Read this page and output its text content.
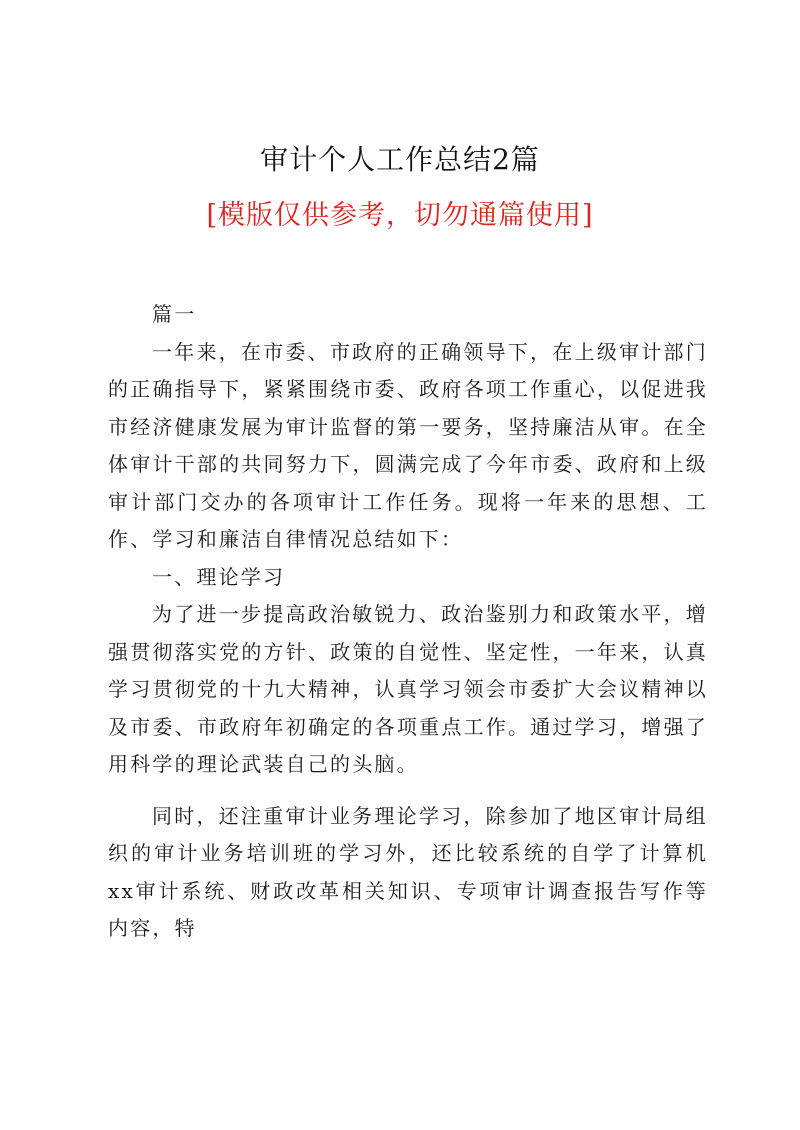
审计个人工作总结2篇
[模版仅供参考，切勿通篇使用]

篇一

一年来，在市委、市政府的正确领导下，在上级审计部门的正确指导下，紧紧围绕市委、政府各项工作重心，以促进我市经济健康发展为审计监督的第一要务，坚持廉洁从审。在全体审计干部的共同努力下，圆满完成了今年市委、政府和上级审计部门交办的各项审计工作任务。现将一年来的思想、工作、学习和廉洁自律情况总结如下：

一、理论学习

为了进一步提高政治敏锐力、政治鉴别力和政策水平，增强贯彻落实党的方针、政策的自觉性、坚定性，一年来，认真学习贯彻党的十九大精神，认真学习领会市委扩大会议精神以及市委、市政府年初确定的各项重点工作。通过学习，增强了用科学的理论武装自己的头脑。

同时，还注重审计业务理论学习，除参加了地区审计局组织的审计业务培训班的学习外，还比较系统的自学了计算机xx审计系统、财政改革相关知识、专项审计调查报告写作等内容，特
